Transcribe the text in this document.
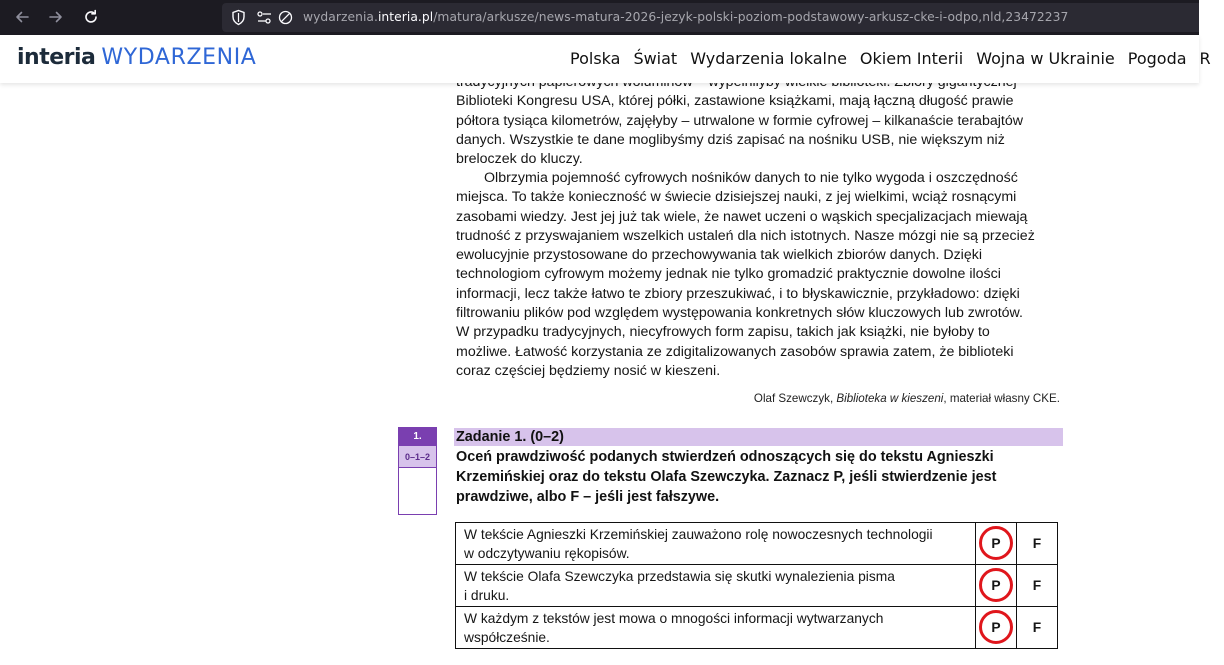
wydarzenia.interia.pl/matura/arkusze/news-matura-2026-jezyk-polski-poziom-podstawowy-arkusz-cke-i-odpo,nld,23472237
interia WYDARZENIA	Polska Świat Wydarzenia lokalne Okiem Interii Wojna w Ukrainie Pogoda R
Biblioteki Kongresu USA, której półki, zastawione książkami, mają łączną długość prawie
półtora tysiąca kilometrów, zajęłyby – utrwalone w formie cyfrowej – kilkanaście terabajtów
danych. Wszystkie te dane moglibyśmy dziś zapisać na nośniku USB, nie większym niż
breloczek do kluczy.
Olbrzymia pojemność cyfrowych nośników danych to nie tylko wygoda i oszczędność
miejsca. To także konieczność w świecie dzisiejszej nauki, z jej wielkimi, wciąż rosnącymi
zasobami wiedzy. Jest jej już tak wiele, że nawet uczeni o wąskich specjalizacjach miewają
trudność z przyswajaniem wszelkich ustaleń dla nich istotnych. Nasze mózgi nie są przecież
ewolucyjnie przystosowane do przechowywania tak wielkich zbiorów danych. Dzięki
technologiom cyfrowym możemy jednak nie tylko gromadzić praktycznie dowolne ilości
informacji, lecz także łatwo te zbiory przeszukiwać, i to błyskawicznie, przykładowo: dzięki
filtrowaniu plików pod względem występowania konkretnych słów kluczowych lub zwrotów.
W przypadku tradycyjnych, niecyfrowych form zapisu, takich jak książki, nie byłoby to
możliwe. Łatwość korzystania ze zdigitalizowanych zasobów sprawia zatem, że biblioteki
coraz częściej będziemy nosić w kieszeni.
Olaf Szewczyk, Biblioteka w kieszeni, materiał własny CKE.
1.
0–1–2
Zadanie 1. (0–2)
Oceń prawdziwość podanych stwierdzeń odnoszących się do tekstu Agnieszki
Krzemińskiej oraz do tekstu Olafa Szewczyka. Zaznacz P, jeśli stwierdzenie jest
prawdziwe, albo F – jeśli jest fałszywe.
W tekście Agnieszki Krzemińskiej zauważono rolę nowoczesnych technologii
w odczytywaniu rękopisów.	P	F

W tekście Olafa Szewczyka przedstawia się skutki wynalezienia pisma
i druku.	P	F

W każdym z tekstów jest mowa o mnogości informacji wytwarzanych
współcześnie.	P	F
